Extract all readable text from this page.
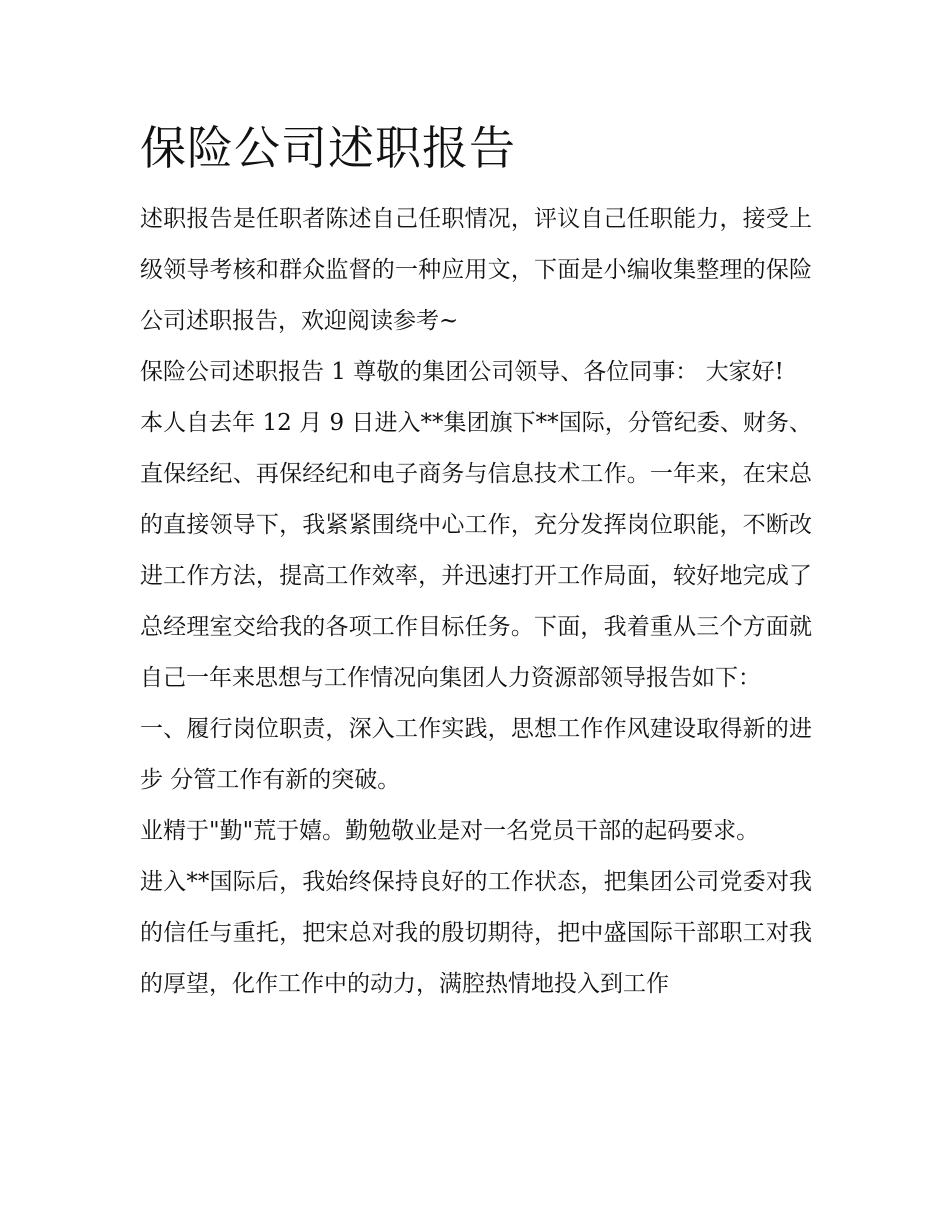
保险公司述职报告

述职报告是任职者陈述自己任职情况，评议自己任职能力，接受上级领导考核和群众监督的一种应用文，下面是小编收集整理的保险公司述职报告，欢迎阅读参考~

保险公司述职报告 1 尊敬的集团公司领导、各位同事： 大家好!

本人自去年 12 月 9 日进入**集团旗下**国际，分管纪委、财务、直保经纪、再保经纪和电子商务与信息技术工作。一年来，在宋总的直接领导下，我紧紧围绕中心工作，充分发挥岗位职能，不断改进工作方法，提高工作效率，并迅速打开工作局面，较好地完成了总经理室交给我的各项工作目标任务。下面，我着重从三个方面就自己一年来思想与工作情况向集团人力资源部领导报告如下：

一、履行岗位职责，深入工作实践，思想工作作风建设取得新的进步 分管工作有新的突破。

业精于"勤"荒于嬉。勤勉敬业是对一名党员干部的起码要求。

进入**国际后，我始终保持良好的工作状态，把集团公司党委对我的信任与重托，把宋总对我的殷切期待，把中盛国际干部职工对我的厚望，化作工作中的动力，满腔热情地投入到工作
